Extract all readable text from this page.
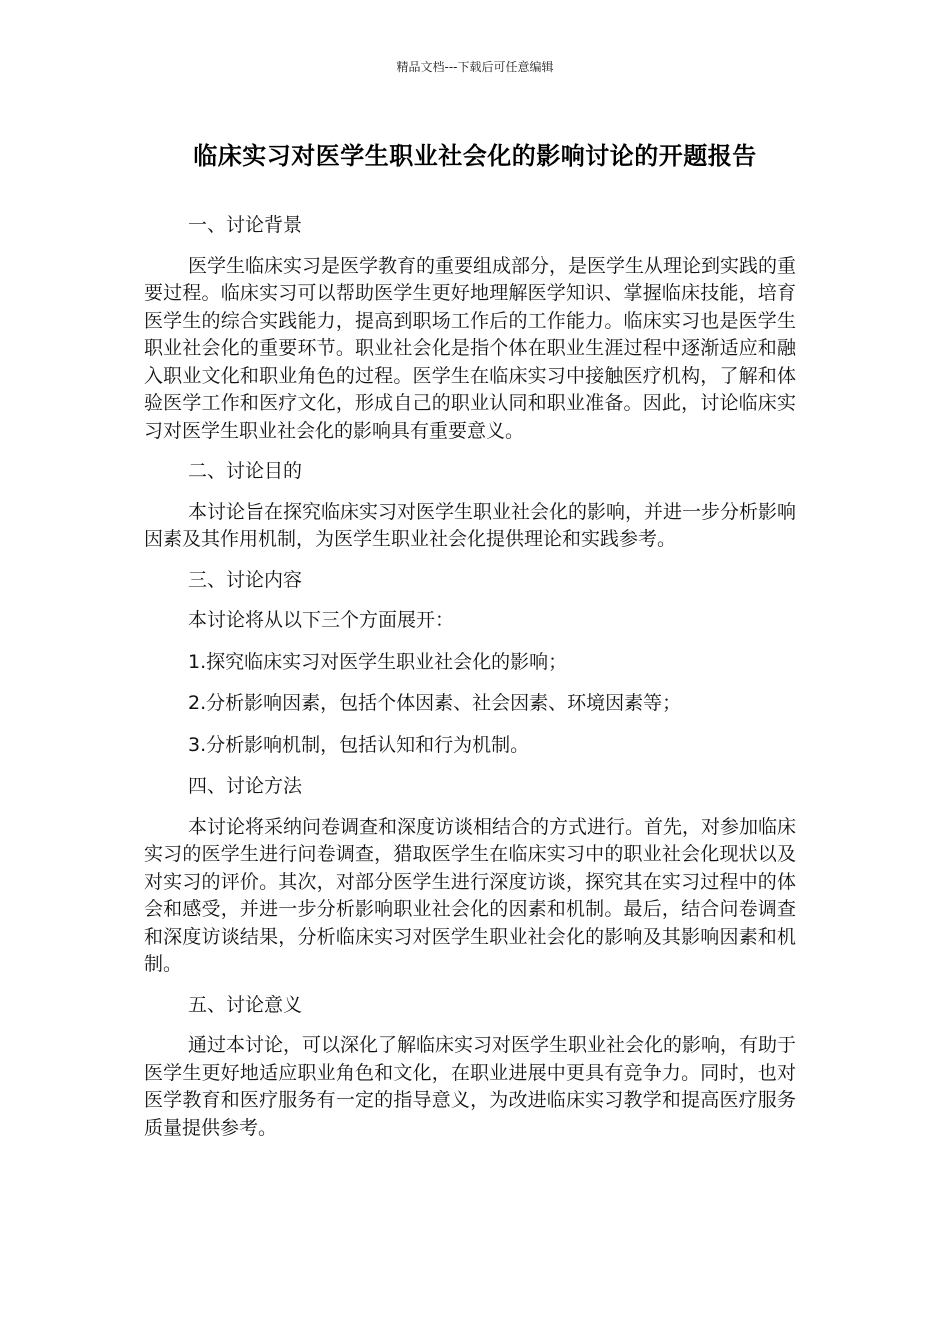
精品文档---下载后可任意编辑
临床实习对医学生职业社会化的影响讨论的开题报告

一、讨论背景

医学生临床实习是医学教育的重要组成部分，是医学生从理论到实践的重要过程。临床实习可以帮助医学生更好地理解医学知识、掌握临床技能，培育医学生的综合实践能力，提高到职场工作后的工作能力。临床实习也是医学生职业社会化的重要环节。职业社会化是指个体在职业生涯过程中逐渐适应和融入职业文化和职业角色的过程。医学生在临床实习中接触医疗机构，了解和体验医学工作和医疗文化，形成自己的职业认同和职业准备。因此，讨论临床实习对医学生职业社会化的影响具有重要意义。

二、讨论目的

本讨论旨在探究临床实习对医学生职业社会化的影响，并进一步分析影响因素及其作用机制，为医学生职业社会化提供理论和实践参考。

三、讨论内容

本讨论将从以下三个方面展开：

1.探究临床实习对医学生职业社会化的影响；

2.分析影响因素，包括个体因素、社会因素、环境因素等；

3.分析影响机制，包括认知和行为机制。

四、讨论方法

本讨论将采纳问卷调查和深度访谈相结合的方式进行。首先，对参加临床实习的医学生进行问卷调查，猎取医学生在临床实习中的职业社会化现状以及对实习的评价。其次，对部分医学生进行深度访谈，探究其在实习过程中的体会和感受，并进一步分析影响职业社会化的因素和机制。最后，结合问卷调查和深度访谈结果，分析临床实习对医学生职业社会化的影响及其影响因素和机制。

五、讨论意义

通过本讨论，可以深化了解临床实习对医学生职业社会化的影响，有助于医学生更好地适应职业角色和文化，在职业进展中更具有竞争力。同时，也对医学教育和医疗服务有一定的指导意义，为改进临床实习教学和提高医疗服务质量提供参考。
